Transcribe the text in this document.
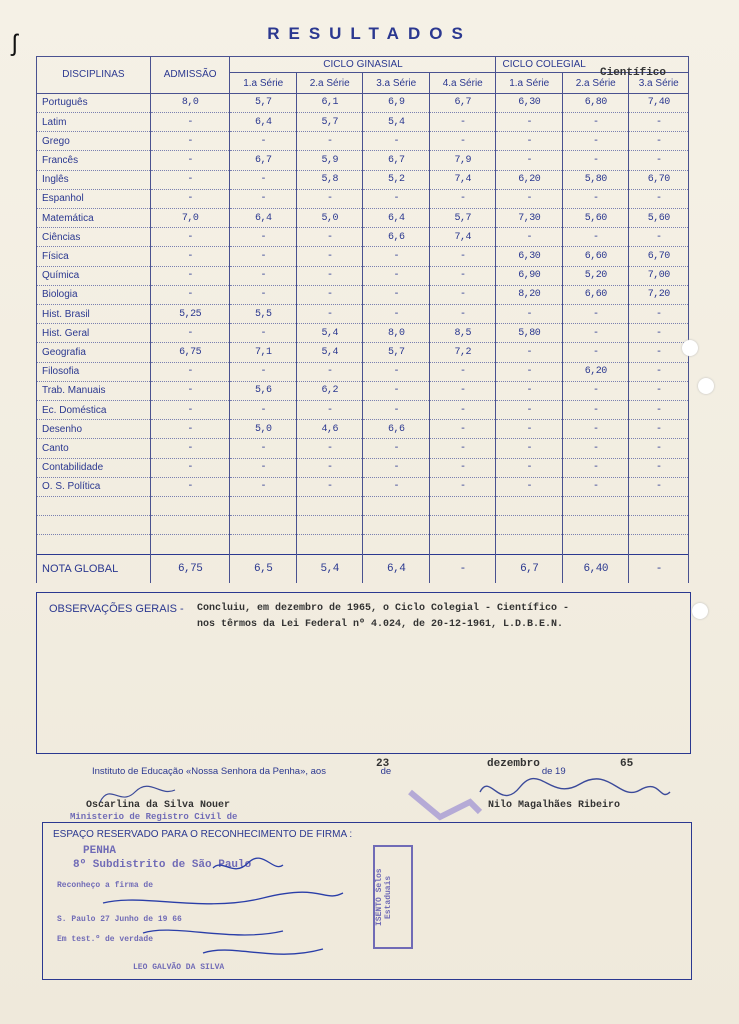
ʃ	RESULTADOS
DISCIPLINAS	ADMISSÃO	CICLO GINASIAL				CICLO COLEGIAL		
		1.a Série	2.a Série	3.a Série	4.a Série	1.a Série	2.a Série	3.a Série
Português	8,0	5,7	6,1	6,9	6,7	6,30	6,80	7,40
Latim	-	6,4	5,7	5,4	-	-	-	-
Grego	-	-	-	-	-	-	-	-
Francês	-	6,7	5,9	6,7	7,9	-	-	-
Inglês	-	-	5,8	5,2	7,4	6,20	5,80	6,70
Espanhol	-	-	-	-	-	-	-	-
Matemática	7,0	6,4	5,0	6,4	5,7	7,30	5,60	5,60
Ciências	-	-	-	6,6	7,4	-	-	-
Física	-	-	-	-	-	6,30	6,60	6,70
Química	-	-	-	-	-	6,90	5,20	7,00
Biologia	-	-	-	-	-	8,20	6,60	7,20
Hist. Brasil	5,25	5,5	-	-	-	-	-	-
Hist. Geral	-	-	5,4	8,0	8,5	5,80	-	-
Geografia	6,75	7,1	5,4	5,7	7,2	-	-	-
Filosofia	-	-	-	-	-	-	6,20	-
Trab. Manuais	-	5,6	6,2	-	-	-	-	-
Ec. Doméstica	-	-	-	-	-	-	-	-
Desenho	-	5,0	4,6	6,6	-	-	-	-
Canto	-	-	-	-	-	-	-	-
Contabilidade	-	-	-	-	-	-	-	-
O. S. Política	-	-	-	-	-	-	-	-

NOTA GLOBAL	6,75	6,5	5,4	6,4	-	6,7	6,40	-
Científico
OBSERVAÇÕES GERAIS - Concluiu, em dezembro de 1965, o Ciclo Colegial - Científico -
nos têrmos da Lei Federal nº 4.024, de 20-12-1961, L.D.B.E.N.
Instituto de Educação «Nossa Senhora da Penha», aos	de	de 19
23	dezembro	65
Oscarlina da Silva Nouer	Nilo Magalhães Ribeiro
Ministerio de Registro Civil de
ESPAÇO RESERVADO PARA O RECONHECIMENTO DE FIRMA :
PENHA
8º Subdistrito de São Paulo
Reconheço a firma de
S. Paulo 27 Junho de 19 66
Em test.º de verdade
LEO GALVÃO DA SILVA
ISENTO Selos Estaduais
